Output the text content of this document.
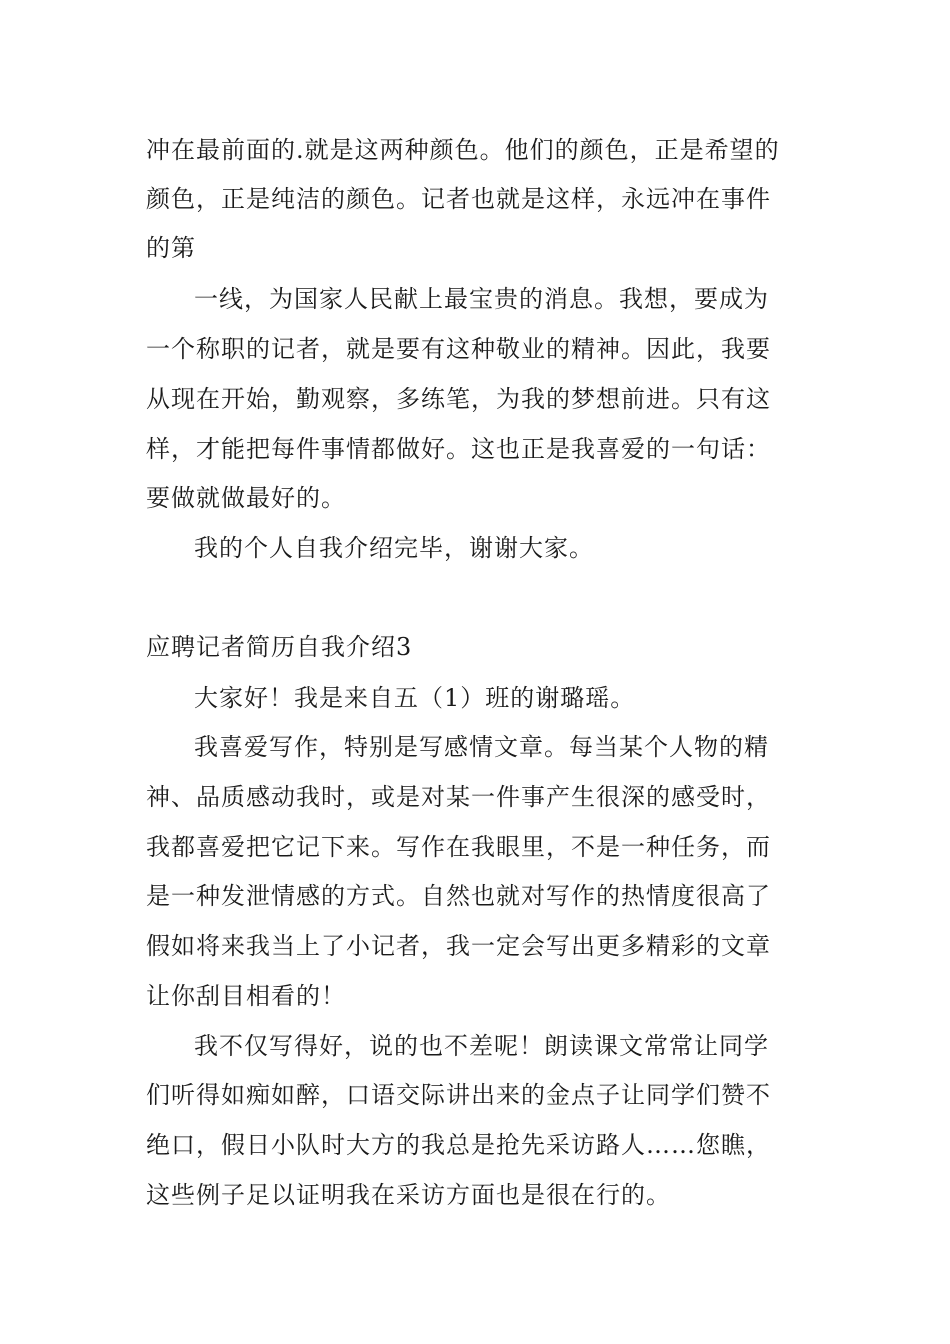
冲在最前面的.就是这两种颜色。他们的颜色，正是希望的
颜色，正是纯洁的颜色。记者也就是这样，永远冲在事件
的第
一线，为国家人民献上最宝贵的消息。我想，要成为
一个称职的记者，就是要有这种敬业的精神。因此，我要
从现在开始，勤观察，多练笔，为我的梦想前进。只有这
样，才能把每件事情都做好。这也正是我喜爱的一句话：
要做就做最好的。
我的个人自我介绍完毕，谢谢大家。
应聘记者简历自我介绍3
大家好！我是来自五（1）班的谢璐瑶。
我喜爱写作，特别是写感情文章。每当某个人物的精
神、品质感动我时，或是对某一件事产生很深的感受时，
我都喜爱把它记下来。写作在我眼里，不是一种任务，而
是一种发泄情感的方式。自然也就对写作的热情度很高了
假如将来我当上了小记者，我一定会写出更多精彩的文章
让你刮目相看的！
我不仅写得好，说的也不差呢！朗读课文常常让同学
们听得如痴如醉，口语交际讲出来的金点子让同学们赞不
绝口，假日小队时大方的我总是抢先采访路人……您瞧，
这些例子足以证明我在采访方面也是很在行的。
